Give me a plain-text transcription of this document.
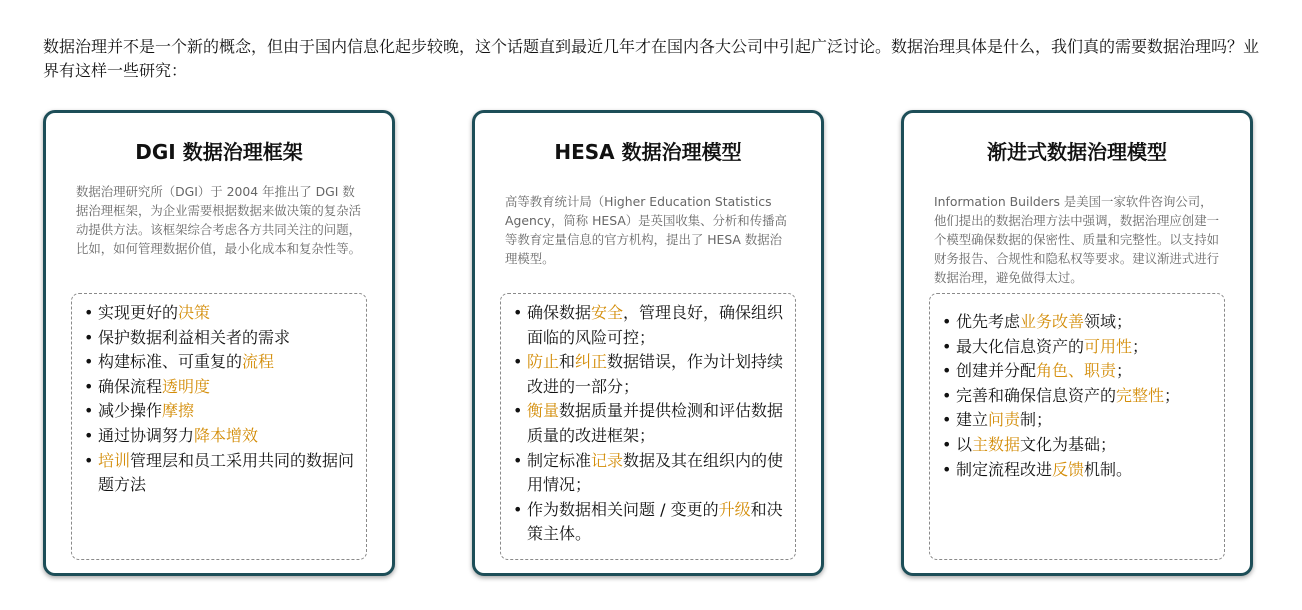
数据治理并不是一个新的概念，但由于国内信息化起步较晚，这个话题直到最近几年才在国内各大公司中引起广泛讨论。数据治理具体是什么，我们真的需要数据治理吗？业界有这样一些研究：

DGI 数据治理框架

数据治理研究所（DGI）于 2004 年推出了 DGI 数据治理框架，为企业需要根据数据来做决策的复杂活动提供方法。该框架综合考虑各方共同关注的问题，比如，如何管理数据价值，最小化成本和复杂性等。

• 实现更好的决策
• 保护数据利益相关者的需求
• 构建标准、可重复的流程
• 确保流程透明度
• 减少操作摩擦
• 通过协调努力降本增效
• 培训管理层和员工采用共同的数据问题方法
HESA 数据治理模型

高等教育统计局（Higher Education Statistics Agency，简称 HESA）是英国收集、分析和传播高等教育定量信息的官方机构，提出了 HESA 数据治理模型。

• 确保数据安全，管理良好，确保组织面临的风险可控；
• 防止和纠正数据错误，作为计划持续改进的一部分；
• 衡量数据质量并提供检测和评估数据质量的改进框架；
• 制定标准记录数据及其在组织内的使用情况；
• 作为数据相关问题 / 变更的升级和决策主体。
渐进式数据治理模型

Information Builders 是美国一家软件咨询公司，他们提出的数据治理方法中强调，数据治理应创建一个模型确保数据的保密性、质量和完整性。以支持如财务报告、合规性和隐私权等要求。建议渐进式进行数据治理，避免做得太过。

• 优先考虑业务改善领域；
• 最大化信息资产的可用性；
• 创建并分配角色、职责；
• 完善和确保信息资产的完整性；
• 建立问责制；
• 以主数据文化为基础；
• 制定流程改进反馈机制。
